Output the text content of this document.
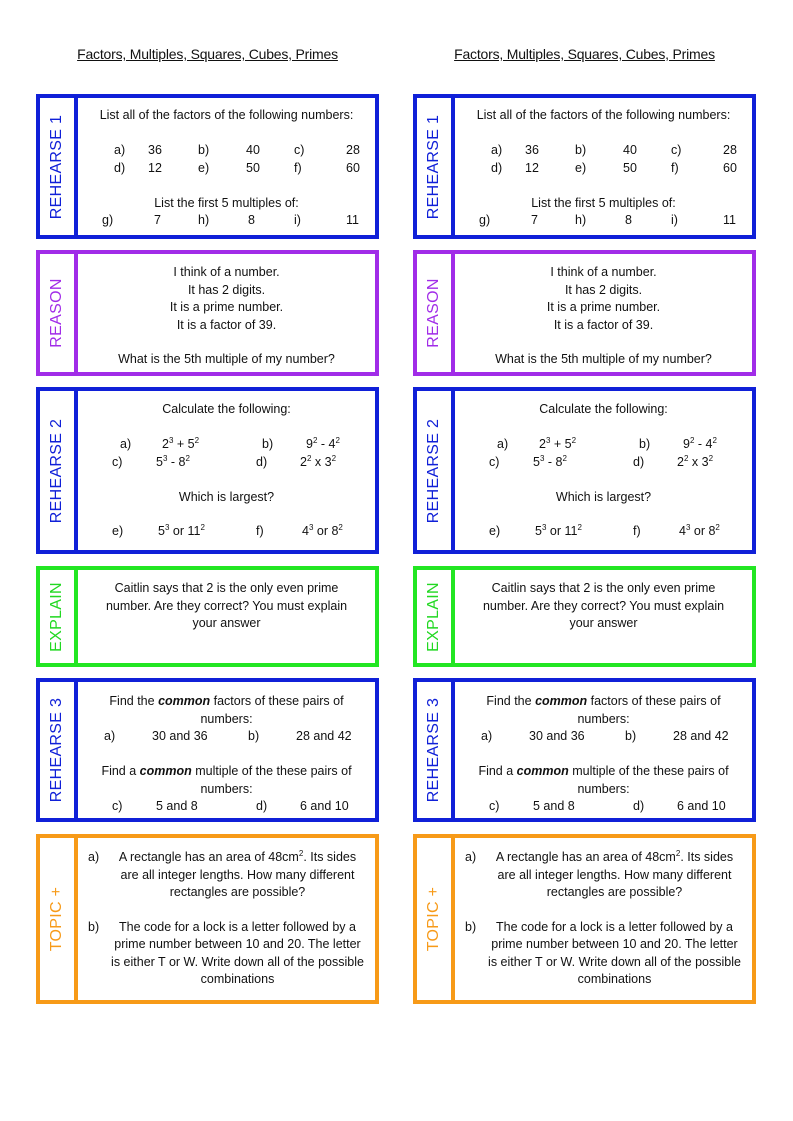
Factors, Multiples, Squares, Cubes, Primes
REHEARSE 1	List all of the factors of the following numbers:
a) 36	b)	40	c)	28
d) 12	e)	50	f)	60
List the first 5 multiples of:
g)	7	h)	8	i)	11
REASON
I think of a number.
It has 2 digits.
It is a prime number.
It is a factor of 39.
What is the 5th multiple of my number?
REHEARSE 2
Calculate the following:
a) $2^3 + 5^2$	b)	$9^2 - 4^2$
c)	$5^3 - 8^2$	d)	$2^2$ x $3^2$
Which is largest?
e)	$5^3$ or $11^2$	f)	$4^3$ or $8^2$
EXPLAIN	Caitlin says that 2 is the only even prime number. Are they correct? You must explain your answer
REHEARSE 3	Find the common factors of these pairs of numbers:
a)	30 and 36	b)	28 and 42
Find a common multiple of the these pairs of numbers:
c)	5 and 8	d)	6 and 10
TOPIC +
a)	A rectangle has an area of $48cm^2$. Its sides are all integer lengths. How many different rectangles are possible?
b)	The code for a lock is a letter followed by a prime number between 10 and 20. The letter is either T or W. Write down all of the possible combinations
Factors, Multiples, Squares, Cubes, Primes
REHEARSE 1	List all of the factors of the following numbers:
a) 36	b)	40	c)	28
d) 12	e)	50	f)	60
List the first 5 multiples of:
g)	7	h)	8	i)	11
REASON
I think of a number.
It has 2 digits.
It is a prime number.
It is a factor of 39.
What is the 5th multiple of my number?
REHEARSE 2
Calculate the following:
a) $2^3 + 5^2$	b)	$9^2 - 4^2$
c)	$5^3 - 8^2$	d)	$2^2$ x $3^2$
Which is largest?
e)	$5^3$ or $11^2$	f)	$4^3$ or $8^2$
EXPLAIN	Caitlin says that 2 is the only even prime number. Are they correct? You must explain your answer
REHEARSE 3	Find the common factors of these pairs of numbers:
a)	30 and 36	b)	28 and 42
Find a common multiple of the these pairs of numbers:
c)	5 and 8	d)	6 and 10
TOPIC +
a)	A rectangle has an area of $48cm^2$. Its sides are all integer lengths. How many different rectangles are possible?
b)	The code for a lock is a letter followed by a prime number between 10 and 20. The letter is either T or W. Write down all of the possible combinations
